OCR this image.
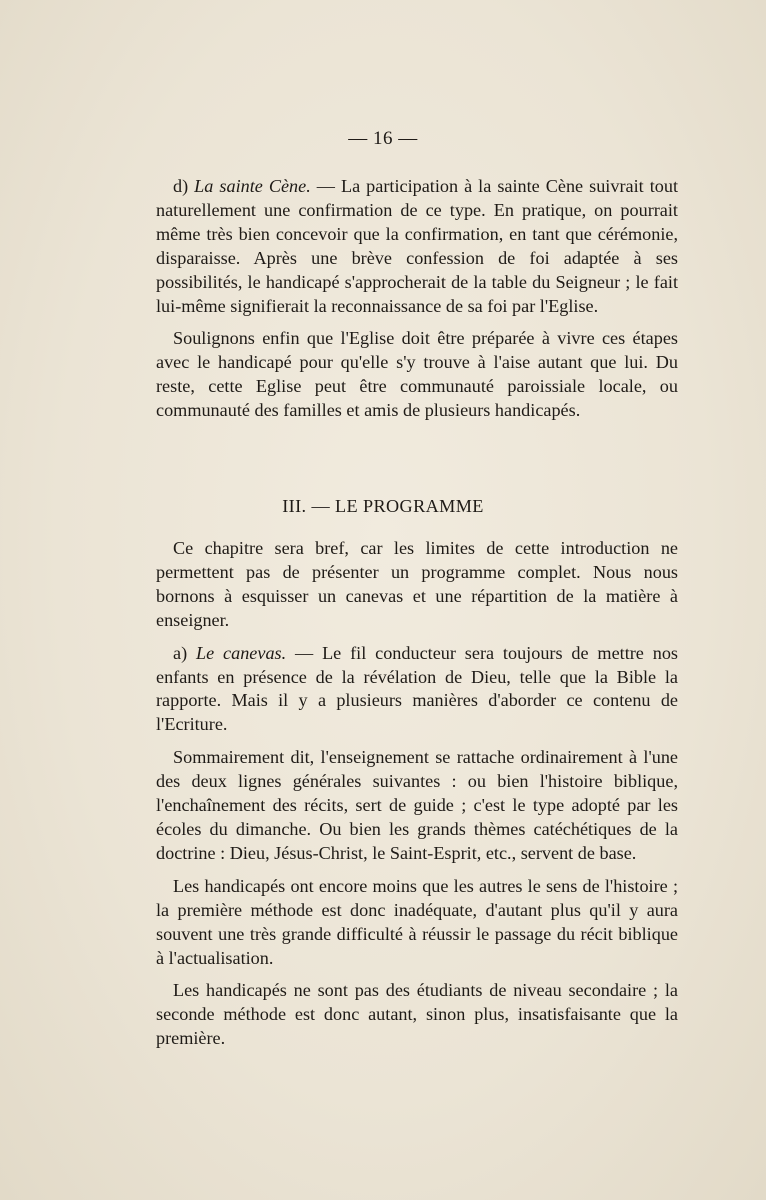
— 16 —

d) La sainte Cène. — La participation à la sainte Cène suivrait tout naturellement une confirmation de ce type. En pratique, on pourrait même très bien concevoir que la confirmation, en tant que cérémonie, disparaisse. Après une brève confession de foi adaptée à ses possibilités, le handicapé s'approcherait de la table du Seigneur ; le fait lui-même signifierait la reconnaissance de sa foi par l'Eglise.

Soulignons enfin que l'Eglise doit être préparée à vivre ces étapes avec le handicapé pour qu'elle s'y trouve à l'aise autant que lui. Du reste, cette Eglise peut être communauté paroissiale locale, ou communauté des familles et amis de plusieurs handicapés.

III. — LE PROGRAMME

Ce chapitre sera bref, car les limites de cette introduction ne permettent pas de présenter un programme complet. Nous nous bornons à esquisser un canevas et une répartition de la matière à enseigner.

a) Le canevas. — Le fil conducteur sera toujours de mettre nos enfants en présence de la révélation de Dieu, telle que la Bible la rapporte. Mais il y a plusieurs manières d'aborder ce contenu de l'Ecriture.

Sommairement dit, l'enseignement se rattache ordinairement à l'une des deux lignes générales suivantes : ou bien l'histoire biblique, l'enchaînement des récits, sert de guide ; c'est le type adopté par les écoles du dimanche. Ou bien les grands thèmes catéchétiques de la doctrine : Dieu, Jésus-Christ, le Saint-Esprit, etc., servent de base.

Les handicapés ont encore moins que les autres le sens de l'histoire ; la première méthode est donc inadéquate, d'autant plus qu'il y aura souvent une très grande difficulté à réussir le passage du récit biblique à l'actualisation.

Les handicapés ne sont pas des étudiants de niveau secondaire ; la seconde méthode est donc autant, sinon plus, insatisfaisante que la première.
